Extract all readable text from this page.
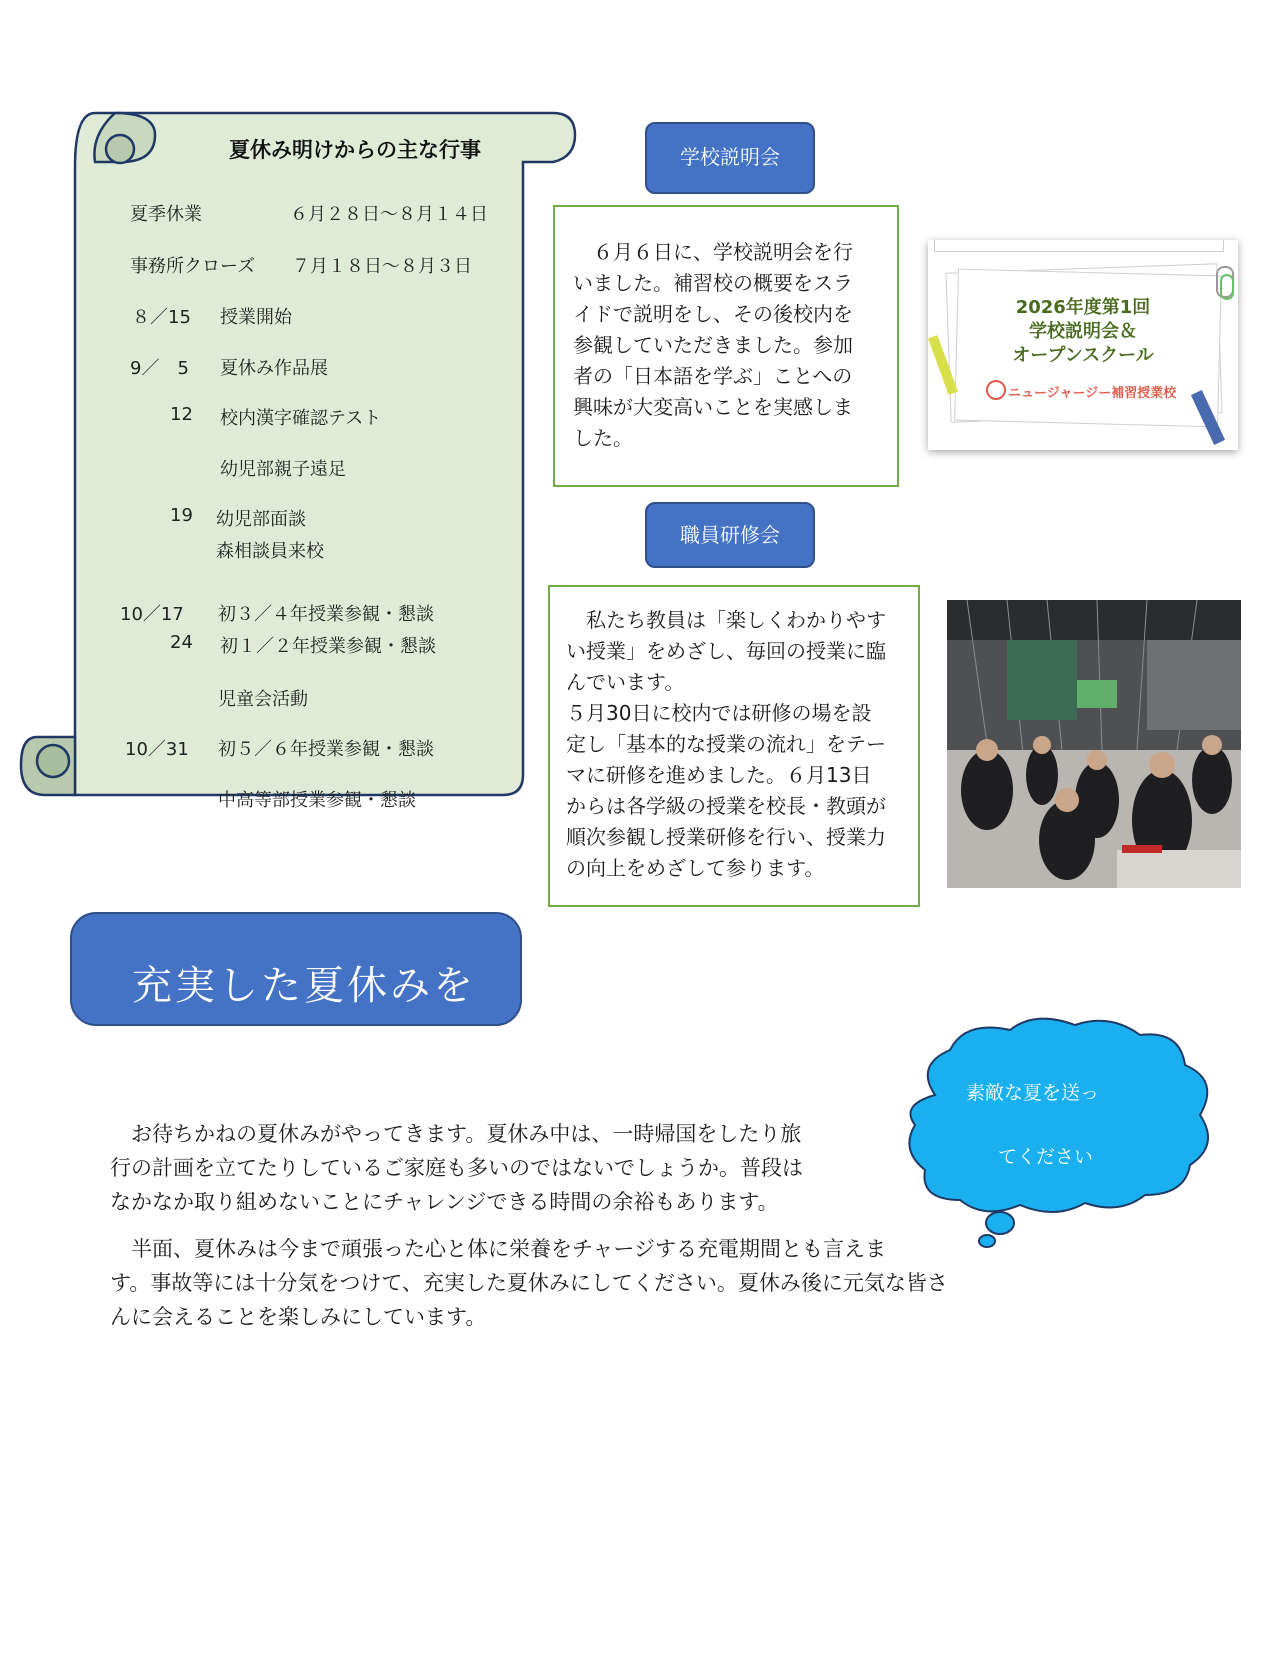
夏休み明けからの主な行事
夏季休業	６月２８日～８月１４日
事務所クローズ ７月１８日～８月３日
８／15 授業開始
9／　5 夏休み作品展
12 校内漢字確認テスト
幼児部親子遠足
19 幼児部面談
森相談員来校
10／17 初３／４年授業参観・懇談
24 初１／２年授業参観・懇談
児童会活動
10／31 初５／６年授業参観・懇談
中高等部授業参観・懇談
学校説明会

　６月６日に、学校説明会を行

いました。補習校の概要をスラ

イドで説明をし、その後校内を

参観していただきました。参加

者の「日本語を学ぶ」ことへの

興味が大変高いことを実感しま

した。

2026年度第1回
学校説明会＆
オープンスクール
ニュージャージー補習授業校
職員研修会

　私たち教員は「楽しくわかりやす

い授業」をめざし、毎回の授業に臨

んでいます。

５月30日に校内では研修の場を設

定し「基本的な授業の流れ」をテー

マに研修を進めました。６月13日

からは各学級の授業を校長・教頭が

順次参観し授業研修を行い、授業力

の向上をめざして参ります。

充実した夏休みを
素敵な夏を送っ
てください

　お待ちかねの夏休みがやってきます。夏休み中は、一時帰国をしたり旅

行の計画を立てたりしているご家庭も多いのではないでしょうか。普段は

なかなか取り組めないことにチャレンジできる時間の余裕もあります。

　半面、夏休みは今まで頑張った心と体に栄養をチャージする充電期間とも言えま

す。事故等には十分気をつけて、充実した夏休みにしてください。夏休み後に元気な皆さ

んに会えることを楽しみにしています。
